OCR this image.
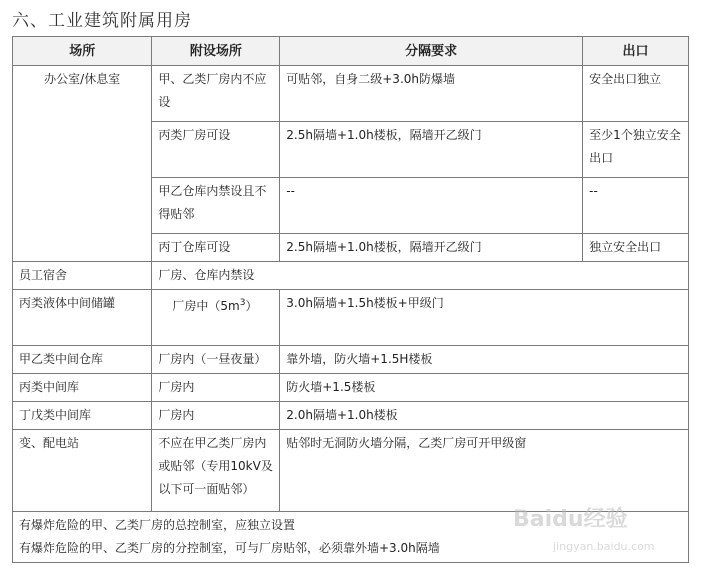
六、工业建筑附属用房
场所	附设场所	分隔要求	出口
办公室/休息室	甲、乙类厂房内不应设	可贴邻，自身二级+3.0h防爆墙	安全出口独立
	丙类厂房可设	2.5h隔墙+1.0h楼板，隔墙开乙级门	至少1个独立安全出口
	甲乙仓库内禁设且不得贴邻	--	--
	丙丁仓库可设	2.5h隔墙+1.0h楼板，隔墙开乙级门	独立安全出口
员工宿舍	厂房、仓库内禁设		
丙类液体中间储罐	厂房中$(5m^3)$	3.0h隔墙+1.5h楼板+甲级门	
甲乙类中间仓库	厂房内（一昼夜量）	靠外墙，防火墙+1.5H楼板	
丙类中间库	厂房内	防火墙+1.5楼板	
丁戊类中间库	厂房内	2.0h隔墙+1.0h楼板	
变、配电站	不应在甲乙类厂房内或贴邻（专用10kV及以下可一面贴邻）	贴邻时无洞防火墙分隔，乙类厂房可开甲级窗	

有爆炸危险的甲、乙类厂房的总控制室，应独立设置
有爆炸危险的甲、乙类厂房的分控制室，可与厂房贴邻，必须靠外墙+3.0h隔墙			
Baidu经验
jingyan.baidu.com
